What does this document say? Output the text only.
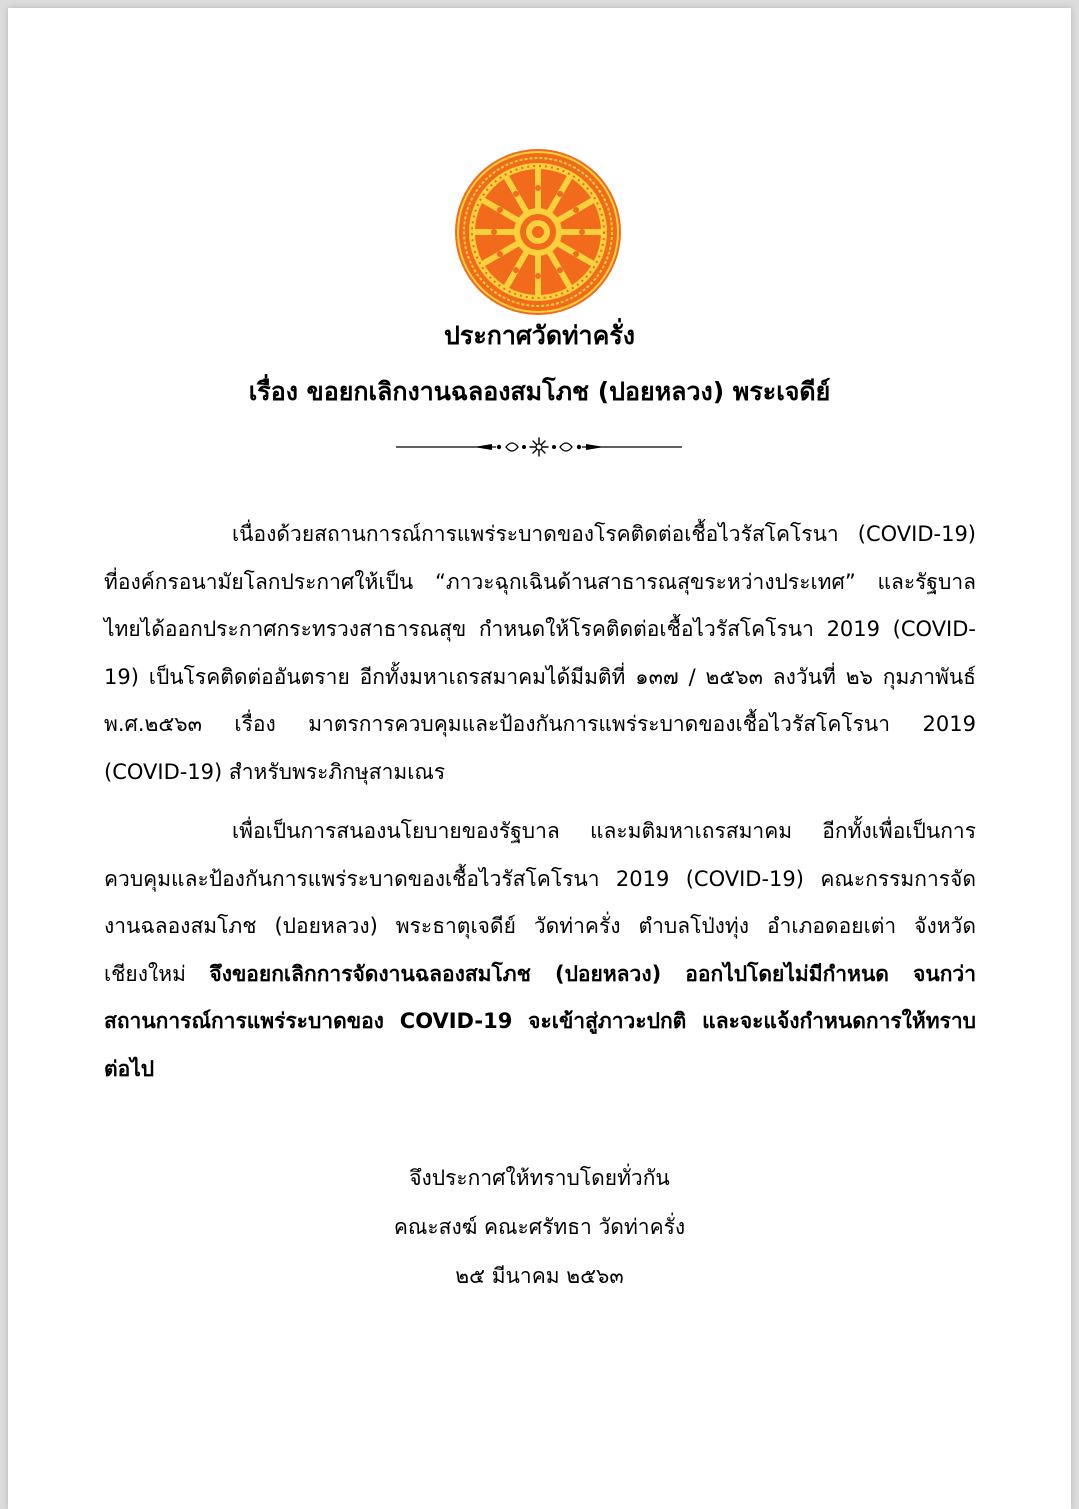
ประกาศวัดท่าครั่ง
เรื่อง ขอยกเลิกงานฉลองสมโภช (ปอยหลวง) พระเจดีย์

เนื่องด้วยสถานการณ์การแพร่ระบาดของโรคติดต่อเชื้อไวรัสโคโรนา (COVID-19) ที่องค์กรอนามัยโลกประกาศให้เป็น “ภาวะฉุกเฉินด้านสาธารณสุขระหว่างประเทศ” และรัฐบาลไทยได้ออกประกาศกระทรวงสาธารณสุข กำหนดให้โรคติดต่อเชื้อไวรัสโคโรนา 2019 (COVID-19) เป็นโรคติดต่ออันตราย อีกทั้งมหาเถรสมาคมได้มีมติที่ ๑๓๗ / ๒๕๖๓ ลงวันที่ ๒๖ กุมภาพันธ์ พ.ศ.๒๕๖๓ เรื่อง มาตรการควบคุมและป้องกันการแพร่ระบาดของเชื้อไวรัสโคโรนา 2019 (COVID-19) สำหรับพระภิกษุสามเณร

เพื่อเป็นการสนองนโยบายของรัฐบาล และมติมหาเถรสมาคม อีกทั้งเพื่อเป็นการควบคุมและป้องกันการแพร่ระบาดของเชื้อไวรัสโคโรนา 2019 (COVID-19) คณะกรรมการจัดงานฉลองสมโภช (ปอยหลวง) พระธาตุเจดีย์ วัดท่าครั่ง ตำบลโป่งทุ่ง อำเภอดอยเต่า จังหวัดเชียงใหม่ จึงขอยกเลิกการจัดงานฉลองสมโภช (ปอยหลวง) ออกไปโดยไม่มีกำหนด จนกว่าสถานการณ์การแพร่ระบาดของ COVID-19 จะเข้าสู่ภาวะปกติ และจะแจ้งกำหนดการให้ทราบต่อไป

จึงประกาศให้ทราบโดยทั่วกัน
คณะสงฆ์ คณะศรัทธา วัดท่าครั่ง
๒๕ มีนาคม ๒๕๖๓
